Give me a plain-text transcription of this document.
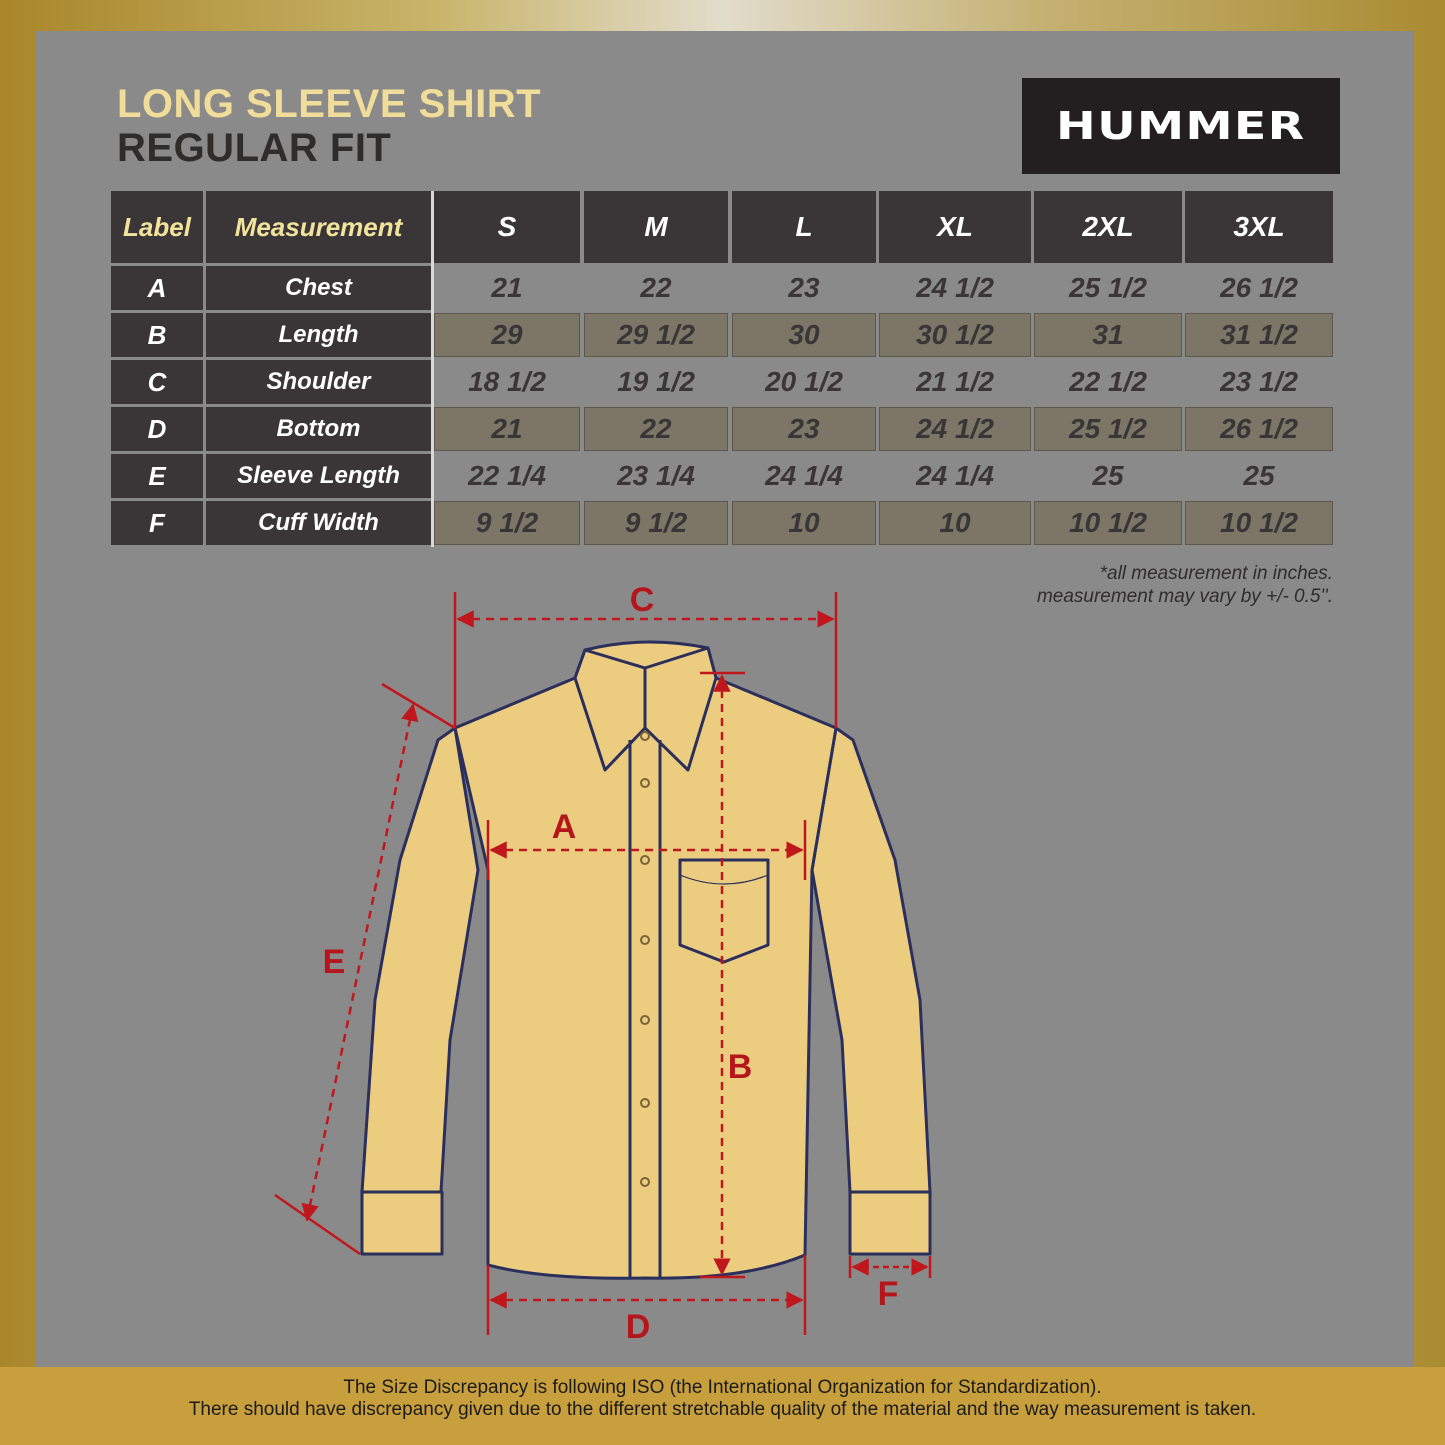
LONG SLEEVE SHIRT
REGULAR FIT	HUMMER
Label	Measurement	S	M	L	XL	2XL	3XL
A	Chest	21	22	23	24 1/2	25 1/2	26 1/2
B	Length	29	29 1/2	30	30 1/2	31	31 1/2
C	Shoulder	18 1/2	19 1/2	20 1/2	21 1/2	22 1/2	23 1/2
D	Bottom	21	22	23	24 1/2	25 1/2	26 1/2
E	Sleeve Length	22 1/4	23 1/4	24 1/4	24 1/4	25	25
F	Cuff Width	9 1/2	9 1/2	10	10	10 1/2	10 1/2
*all measurement in inches.
measurement may vary by +/- 0.5''.
C
A
B
D
E
F
The Size Discrepancy is following ISO (the International Organization for Standardization).
There should have discrepancy given due to the different stretchable quality of the material and the way measurement is taken.
